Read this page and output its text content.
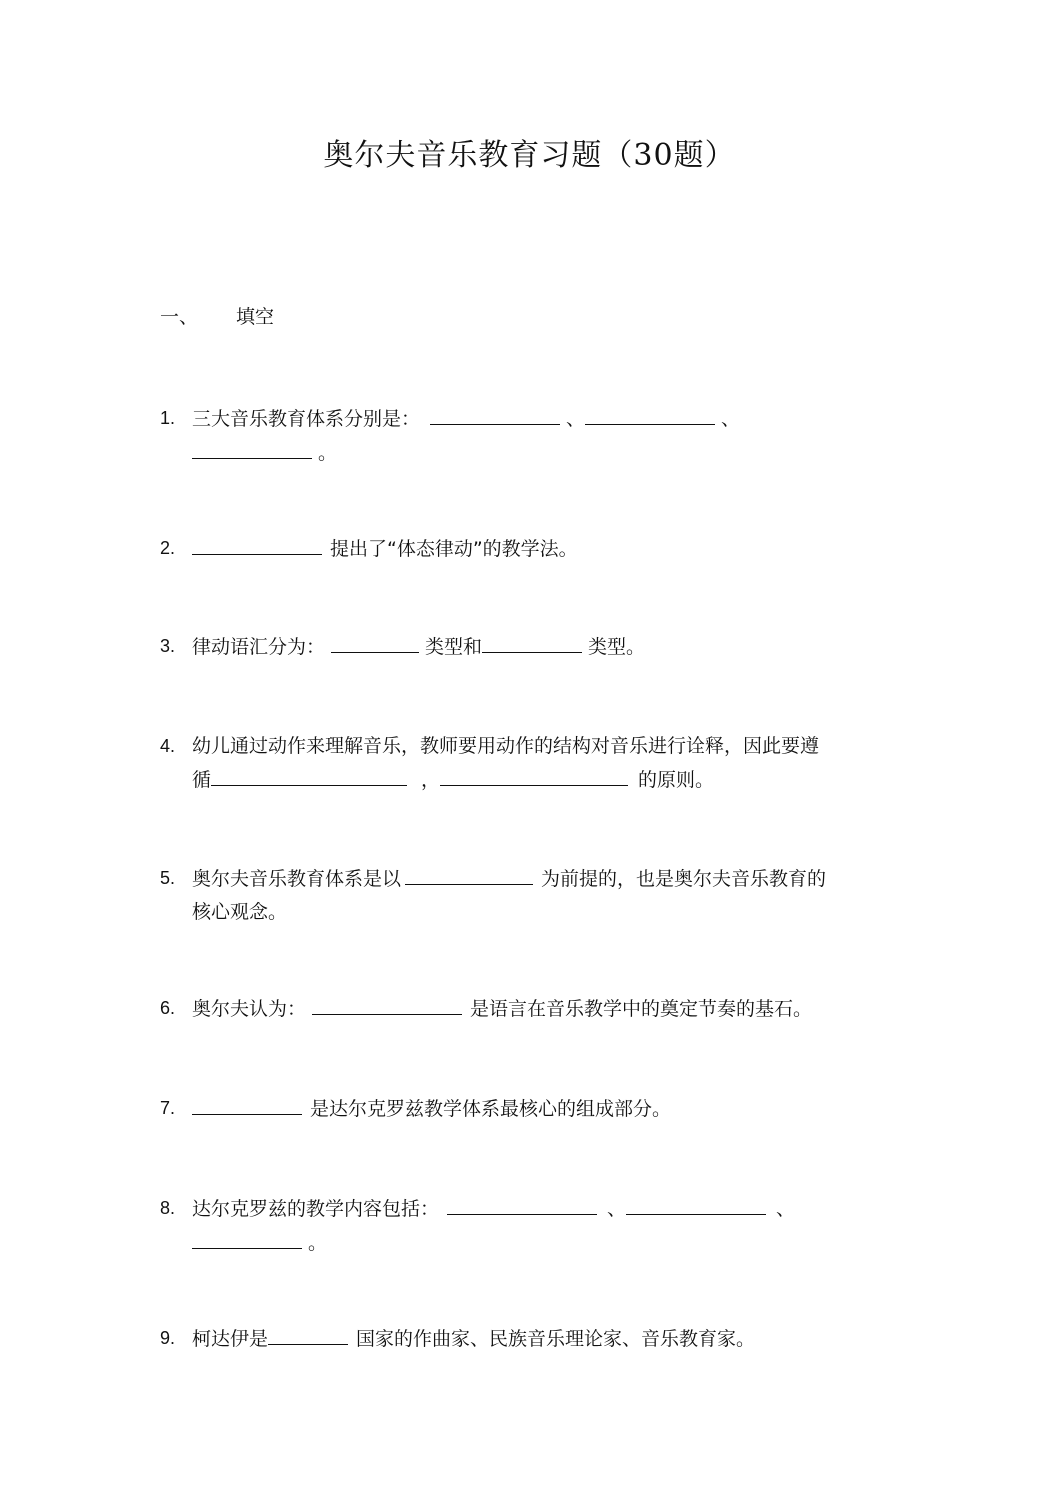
奥尔夫音乐教育习题（30题）
一、 填空
1. 三大音乐教育体系分别是：	、	、
。
2.	提出了“体态律动”的教学法。
3. 律动语汇分为：	类型和	类型。
4. 幼儿通过动作来理解音乐，教师要用动作的结构对音乐进行诠释，因此要遵
循	，	的原则。
5. 奥尔夫音乐教育体系是以	为前提的，也是奥尔夫音乐教育的
核心观念。
6. 奥尔夫认为：	是语言在音乐教学中的奠定节奏的基石。
7.	是达尔克罗兹教学体系最核心的组成部分。
8. 达尔克罗兹的教学内容包括：	、	、
。
9. 柯达伊是	国家的作曲家、民族音乐理论家、音乐教育家。
